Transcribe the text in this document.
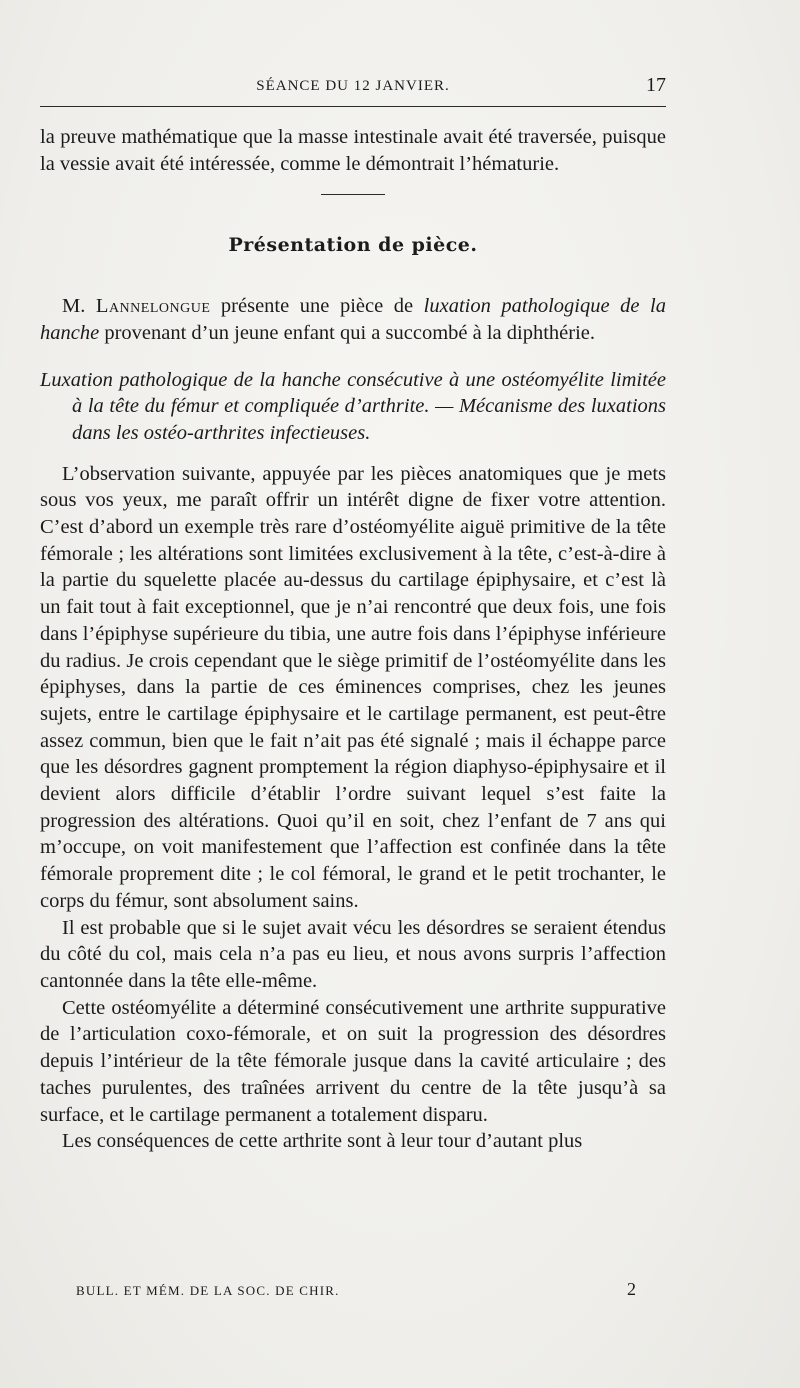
SÉANCE DU 12 JANVIER.	17

la preuve mathématique que la masse intestinale avait été traversée, puisque la vessie avait été intéressée, comme le démontrait l’hématurie.

Présentation de pièce.

M. Lannelongue présente une pièce de luxation pathologique de la hanche provenant d’un jeune enfant qui a succombé à la diphthérie.

Luxation pathologique de la hanche consécutive à une ostéomyélite limitée à la tête du fémur et compliquée d’arthrite. — Mécanisme des luxations dans les ostéo-arthrites infectieuses.

L’observation suivante, appuyée par les pièces anatomiques que je mets sous vos yeux, me paraît offrir un intérêt digne de fixer votre attention. C’est d’abord un exemple très rare d’ostéomyélite aiguë primitive de la tête fémorale ; les altérations sont limitées exclusivement à la tête, c’est-à-dire à la partie du squelette placée au-dessus du cartilage épiphysaire, et c’est là un fait tout à fait exceptionnel, que je n’ai rencontré que deux fois, une fois dans l’épiphyse supérieure du tibia, une autre fois dans l’épiphyse inférieure du radius. Je crois cependant que le siège primitif de l’ostéomyélite dans les épiphyses, dans la partie de ces éminences comprises, chez les jeunes sujets, entre le cartilage épiphysaire et le cartilage permanent, est peut-être assez commun, bien que le fait n’ait pas été signalé ; mais il échappe parce que les désordres gagnent promptement la région diaphyso-épiphysaire et il devient alors difficile d’établir l’ordre suivant lequel s’est faite la progression des altérations. Quoi qu’il en soit, chez l’enfant de 7 ans qui m’occupe, on voit manifestement que l’affection est confinée dans la tête fémorale proprement dite ; le col fémoral, le grand et le petit trochanter, le corps du fémur, sont absolument sains.

Il est probable que si le sujet avait vécu les désordres se seraient étendus du côté du col, mais cela n’a pas eu lieu, et nous avons surpris l’affection cantonnée dans la tête elle-même.

Cette ostéomyélite a déterminé consécutivement une arthrite suppurative de l’articulation coxo-fémorale, et on suit la progression des désordres depuis l’intérieur de la tête fémorale jusque dans la cavité articulaire ; des taches purulentes, des traînées arrivent du centre de la tête jusqu’à sa surface, et le cartilage permanent a totalement disparu.

Les conséquences de cette arthrite sont à leur tour d’autant plus

BULL. ET MÉM. DE LA SOC. DE CHIR.	2
